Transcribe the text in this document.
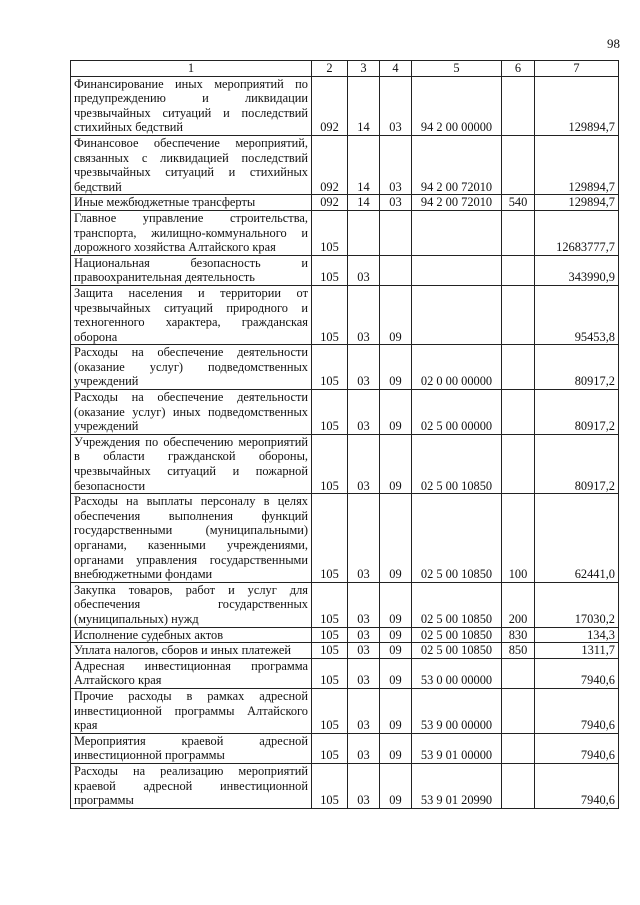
98
1	2	3	4	5	6	7
Финансирование иных мероприятий по предупреждению и ликвидации чрезвычайных ситуаций и последствий стихийных бедствий	092	14	03	94 2 00 00000		129894,7
Финансовое обеспечение мероприятий, связанных с ликвидацией последствий чрезвычайных ситуаций и стихийных бедствий	092	14	03	94 2 00 72010		129894,7
Иные межбюджетные трансферты	092	14	03	94 2 00 72010	540	129894,7
Главное управление строительства, транспорта, жилищно-коммунального и дорожного хозяйства Алтайского края	105					12683777,7
Национальная безопасность и правоохранительная деятельность	105	03				343990,9
Защита населения и территории от чрезвычайных ситуаций природного и техногенного характера, гражданская оборона	105	03	09			95453,8
Расходы на обеспечение деятельности (оказание услуг) подведомственных учреждений	105	03	09	02 0 00 00000		80917,2
Расходы на обеспечение деятельности (оказание услуг) иных подведомственных учреждений	105	03	09	02 5 00 00000		80917,2
Учреждения по обеспечению мероприятий в области гражданской обороны, чрезвычайных ситуаций и пожарной безопасности	105	03	09	02 5 00 10850		80917,2
Расходы на выплаты персоналу в целях обеспечения выполнения функций государственными (муниципальными) органами, казенными учреждениями, органами управления государственными внебюджетными фондами	105	03	09	02 5 00 10850	100	62441,0
Закупка товаров, работ и услуг для обеспечения государственных (муниципальных) нужд	105	03	09	02 5 00 10850	200	17030,2
Исполнение судебных актов	105	03	09	02 5 00 10850	830	134,3
Уплата налогов, сборов и иных платежей	105	03	09	02 5 00 10850	850	1311,7
Адресная инвестиционная программа Алтайского края	105	03	09	53 0 00 00000		7940,6
Прочие расходы в рамках адресной инвестиционной программы Алтайского края	105	03	09	53 9 00 00000		7940,6
Мероприятия краевой адресной инвестиционной программы	105	03	09	53 9 01 00000		7940,6
Расходы на реализацию мероприятий краевой адресной инвестиционной программы	105	03	09	53 9 01 20990		7940,6
